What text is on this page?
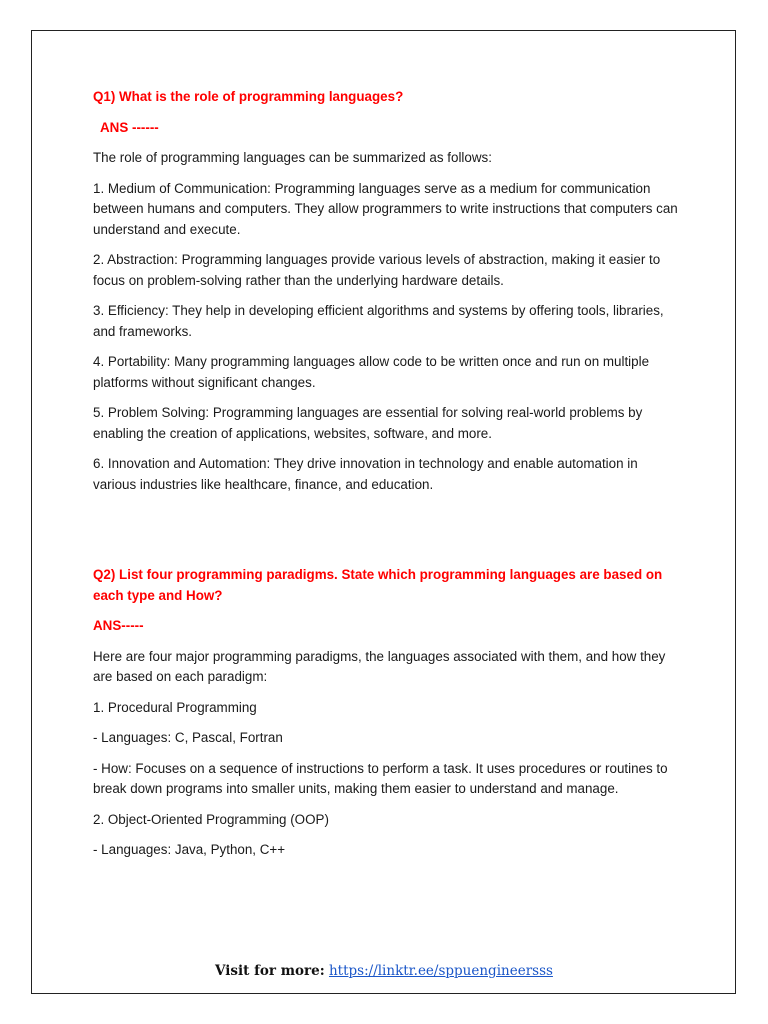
Q1) What is the role of programming languages?
ANS ------
The role of programming languages can be summarized as follows:
1. Medium of Communication: Programming languages serve as a medium for communication between humans and computers. They allow programmers to write instructions that computers can understand and execute.
2. Abstraction: Programming languages provide various levels of abstraction, making it easier to focus on problem-solving rather than the underlying hardware details.
3. Efficiency: They help in developing efficient algorithms and systems by offering tools, libraries, and frameworks.
4. Portability: Many programming languages allow code to be written once and run on multiple platforms without significant changes.
5. Problem Solving: Programming languages are essential for solving real-world problems by enabling the creation of applications, websites, software, and more.
6. Innovation and Automation: They drive innovation in technology and enable automation in various industries like healthcare, finance, and education.
Q2) List four programming paradigms. State which programming languages are based on each type and How?
ANS-----
Here are four major programming paradigms, the languages associated with them, and how they are based on each paradigm:
1. Procedural Programming
- Languages: C, Pascal, Fortran
- How: Focuses on a sequence of instructions to perform a task. It uses procedures or routines to break down programs into smaller units, making them easier to understand and manage.
2. Object-Oriented Programming (OOP)
- Languages: Java, Python, C++
Visit for more: https://linktr.ee/sppuengineersss
